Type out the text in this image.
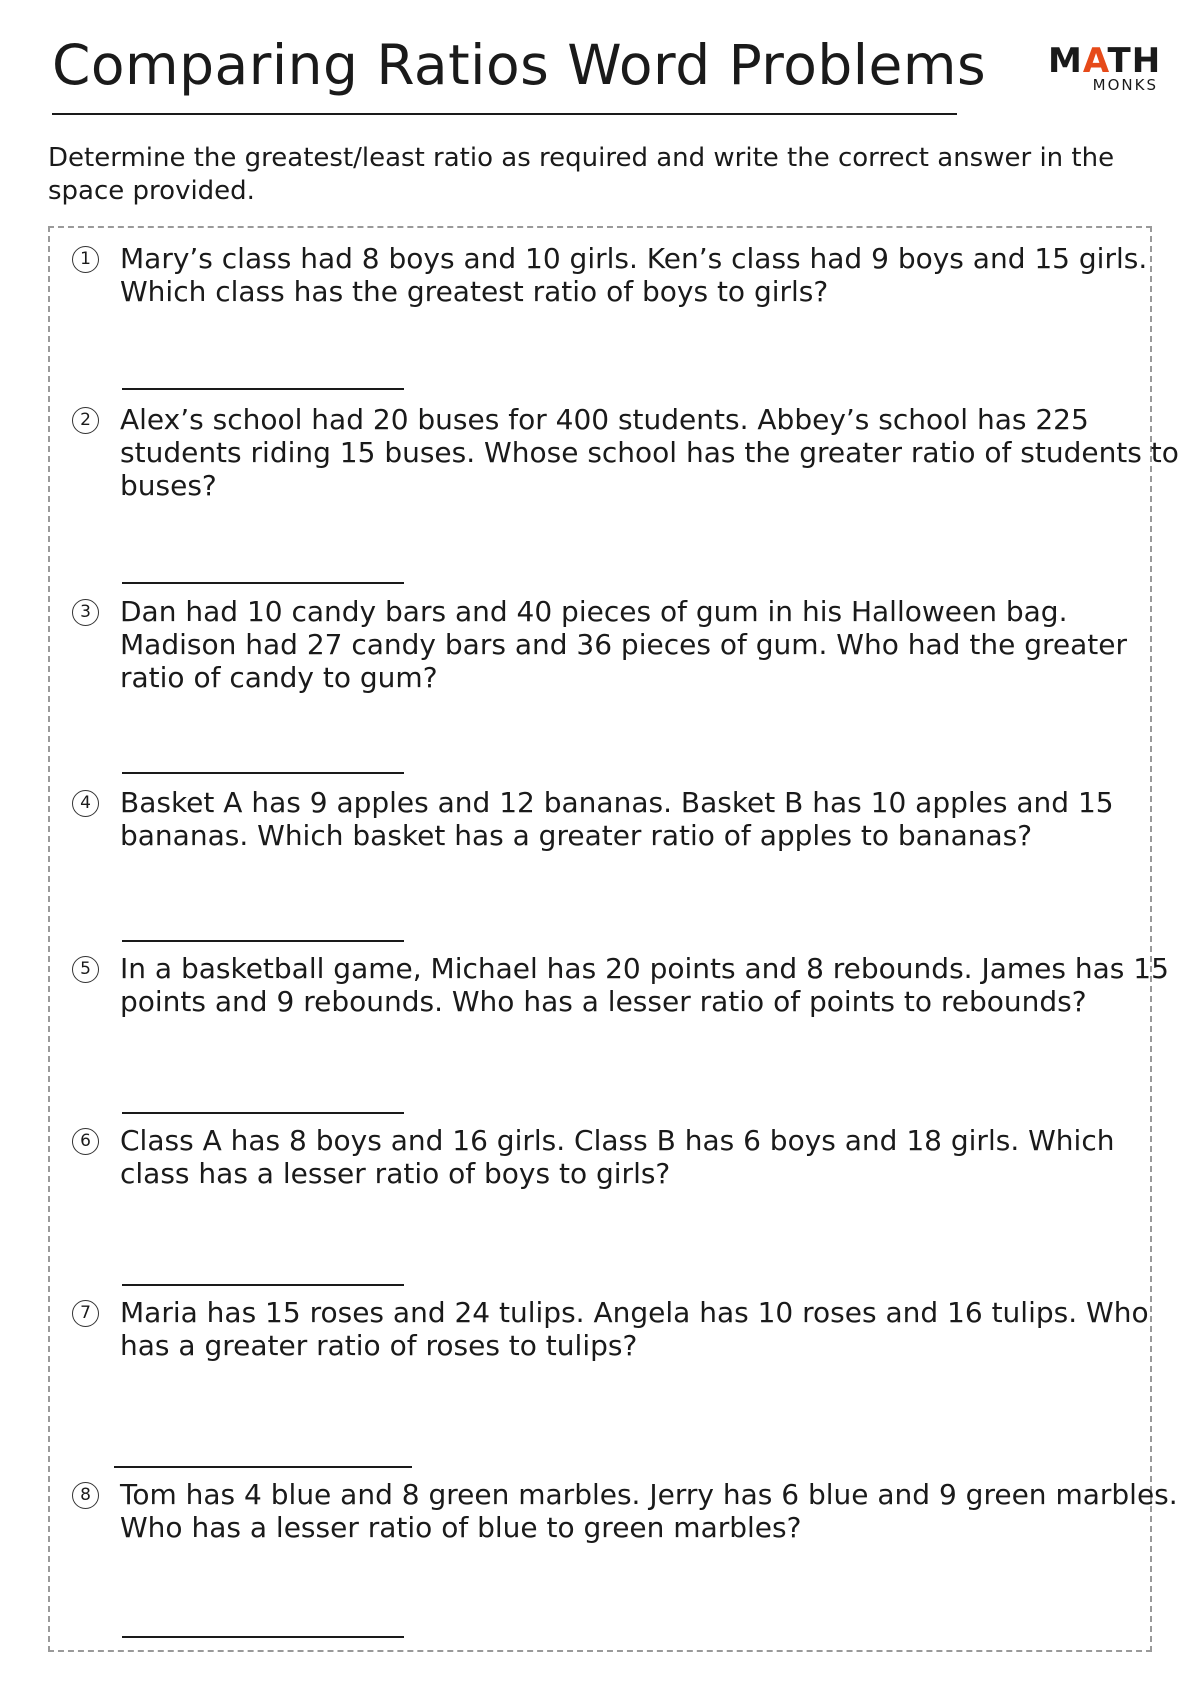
Comparing Ratios Word Problems MATH
MONKS
Determine the greatest/least ratio as required and write the correct answer in the space provided.
1 Mary’s class had 8 boys and 10 girls. Ken’s class had 9 boys and 15 girls. Which class has the greatest ratio of boys to girls?
2 Alex’s school had 20 buses for 400 students. Abbey’s school has 225 students riding 15 buses. Whose school has the greater ratio of students to buses?
3 Dan had 10 candy bars and 40 pieces of gum in his Halloween bag. Madison had 27 candy bars and 36 pieces of gum. Who had the greater ratio of candy to gum?
4 Basket A has 9 apples and 12 bananas. Basket B has 10 apples and 15 bananas. Which basket has a greater ratio of apples to bananas?
5 In a basketball game, Michael has 20 points and 8 rebounds. James has 15 points and 9 rebounds. Who has a lesser ratio of points to rebounds?
6 Class A has 8 boys and 16 girls. Class B has 6 boys and 18 girls. Which class has a lesser ratio of boys to girls?
7 Maria has 15 roses and 24 tulips. Angela has 10 roses and 16 tulips. Who has a greater ratio of roses to tulips?
8 Tom has 4 blue and 8 green marbles. Jerry has 6 blue and 9 green marbles. Who has a lesser ratio of blue to green marbles?
